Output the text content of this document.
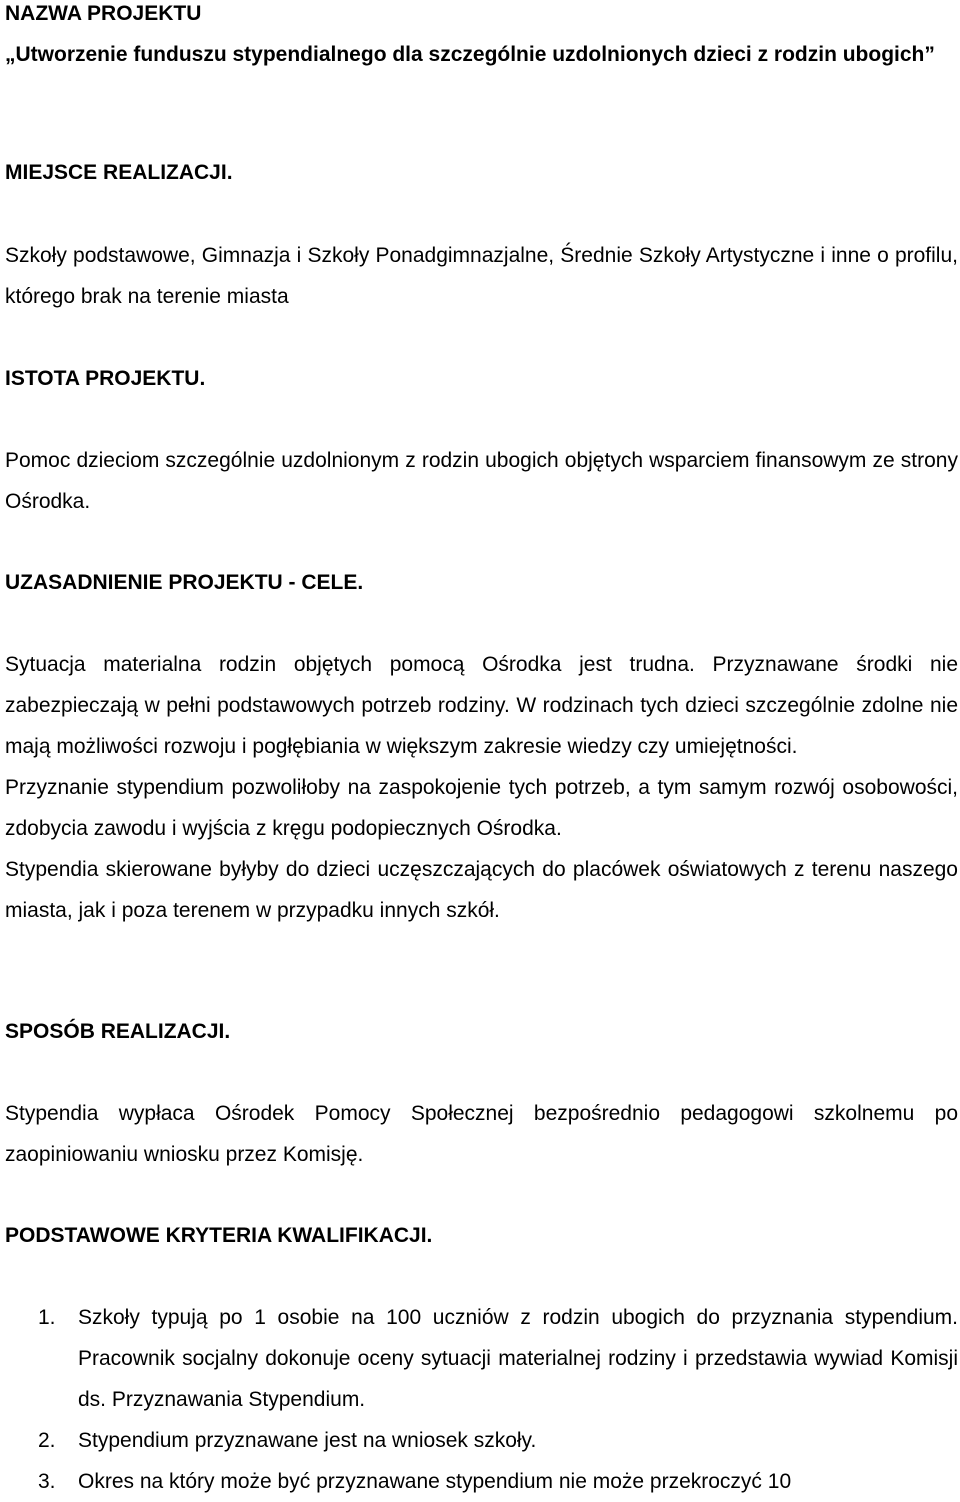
NAZWA PROJEKTU

„Utworzenie funduszu stypendialnego dla szczególnie uzdolnionych dzieci z rodzin ubogich”

MIEJSCE REALIZACJI.

Szkoły podstawowe, Gimnazja i Szkoły Ponadgimnazjalne, Średnie Szkoły Artystyczne i inne o profilu, którego brak na terenie miasta

ISTOTA PROJEKTU.

Pomoc dzieciom szczególnie uzdolnionym z rodzin ubogich objętych wsparciem finansowym ze strony Ośrodka.

UZASADNIENIE PROJEKTU - CELE.

Sytuacja materialna rodzin objętych pomocą Ośrodka jest trudna. Przyznawane środki nie zabezpieczają w pełni podstawowych potrzeb rodziny. W rodzinach tych dzieci szczególnie zdolne nie mają możliwości rozwoju i pogłębiania w większym zakresie wiedzy czy umiejętności.

Przyznanie stypendium pozwoliłoby na zaspokojenie tych potrzeb, a tym samym rozwój osobowości, zdobycia zawodu i wyjścia z kręgu podopiecznych Ośrodka.

Stypendia skierowane byłyby do dzieci uczęszczających do placówek oświatowych z terenu naszego miasta, jak i poza terenem w przypadku innych szkół.

SPOSÓB REALIZACJI.

Stypendia wypłaca Ośrodek Pomocy Społecznej bezpośrednio pedagogowi szkolnemu po zaopiniowaniu wniosku przez Komisję.

PODSTAWOWE KRYTERIA KWALIFIKACJI.

1.	Szkoły typują po 1 osobie na 100 uczniów z rodzin ubogich do przyznania stypendium. Pracownik socjalny dokonuje oceny sytuacji materialnej rodziny i przedstawia wywiad Komisji ds. Przyznawania Stypendium.
2.	Stypendium przyznawane jest na wniosek szkoły.
3.	Okres na który może być przyznawane stypendium nie może przekroczyć 10
